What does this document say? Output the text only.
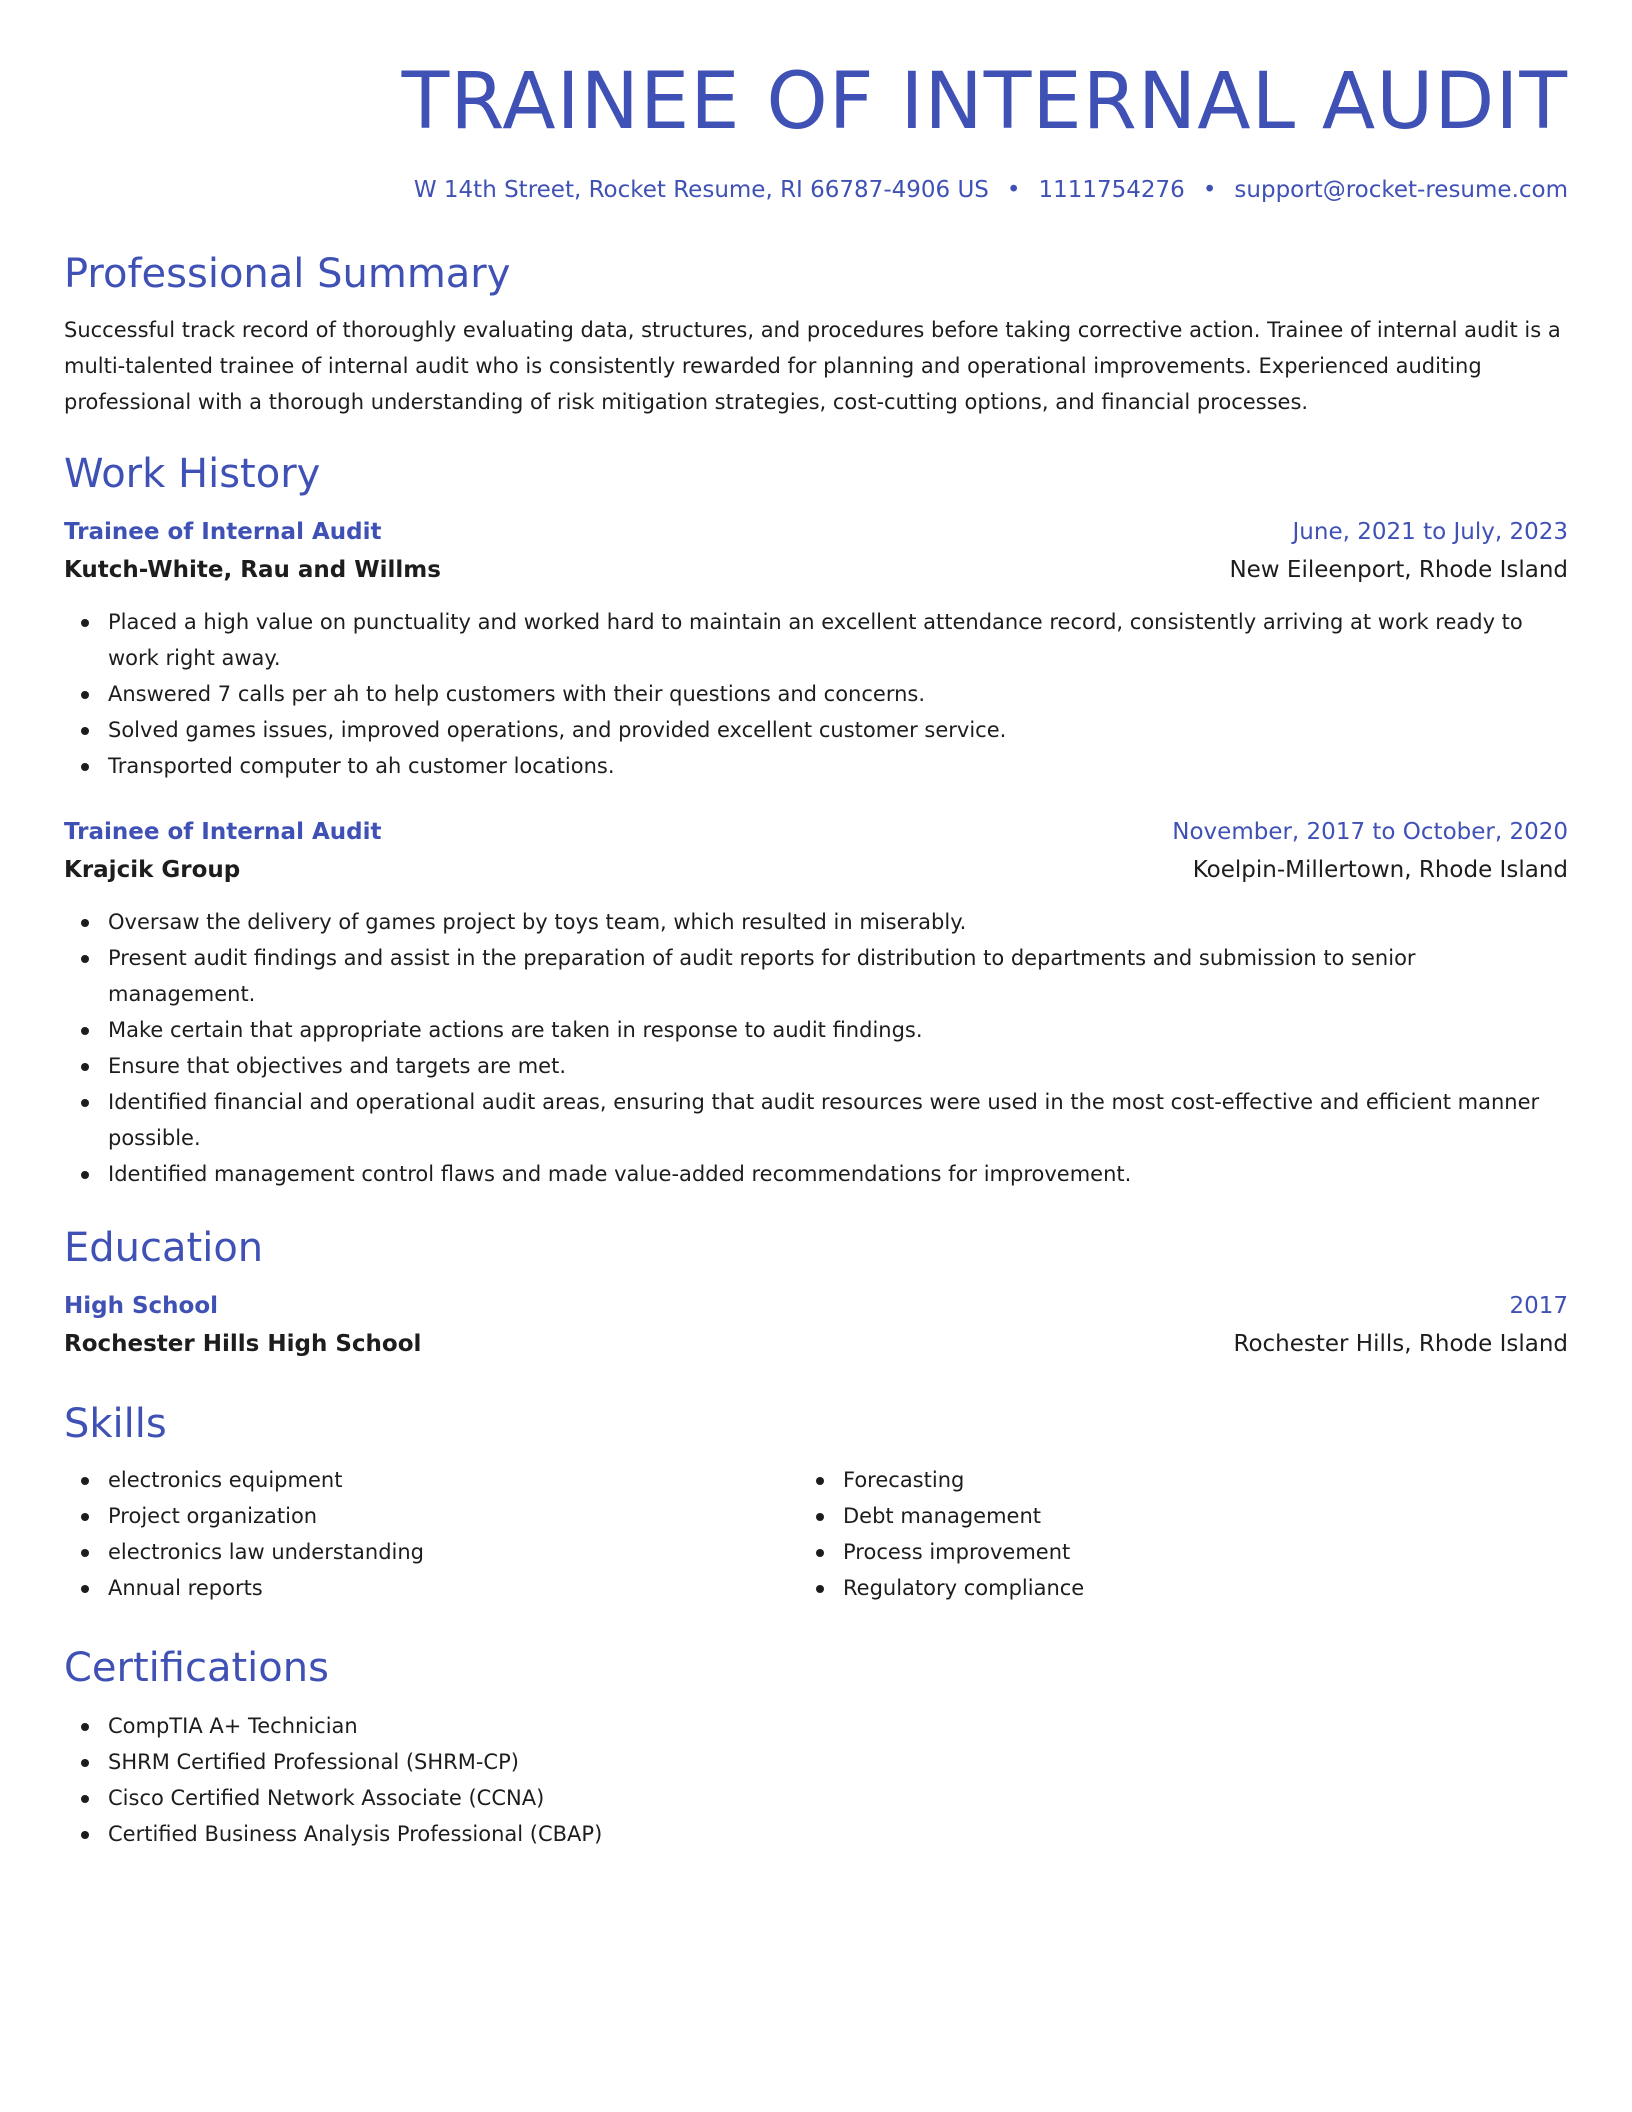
TRAINEE OF INTERNAL AUDIT
W 14th Street, Rocket Resume, RI 66787-4906 US • 1111754276 • support@rocket-resume.com
Professional Summary

Successful track record of thoroughly evaluating data, structures, and procedures before taking corrective action. Trainee of internal audit is a multi-talented trainee of internal audit who is consistently rewarded for planning and operational improvements. Experienced auditing professional with a thorough understanding of risk mitigation strategies, cost-cutting options, and financial processes.

Work History
Trainee of Internal Audit	June, 2021 to July, 2023
Kutch-White, Rau and Willms	New Eileenport, Rhode Island
Placed a high value on punctuality and worked hard to maintain an excellent attendance record, consistently arriving at work ready to work right away.
Answered 7 calls per ah to help customers with their questions and concerns.
Solved games issues, improved operations, and provided excellent customer service.
Transported computer to ah customer locations.
Trainee of Internal Audit	November, 2017 to October, 2020
Krajcik Group	Koelpin-Millertown, Rhode Island
Oversaw the delivery of games project by toys team, which resulted in miserably.
Present audit findings and assist in the preparation of audit reports for distribution to departments and submission to senior management.
Make certain that appropriate actions are taken in response to audit findings.
Ensure that objectives and targets are met.
Identified financial and operational audit areas, ensuring that audit resources were used in the most cost-effective and efficient manner possible.
Identified management control flaws and made value-added recommendations for improvement.
Education
High School	2017
Rochester Hills High School	Rochester Hills, Rhode Island
Skills
electronics equipment
Project organization
electronics law understanding
Annual reports
Forecasting
Debt management
Process improvement
Regulatory compliance
Certifications
CompTIA A+ Technician
SHRM Certified Professional (SHRM-CP)
Cisco Certified Network Associate (CCNA)
Certified Business Analysis Professional (CBAP)
